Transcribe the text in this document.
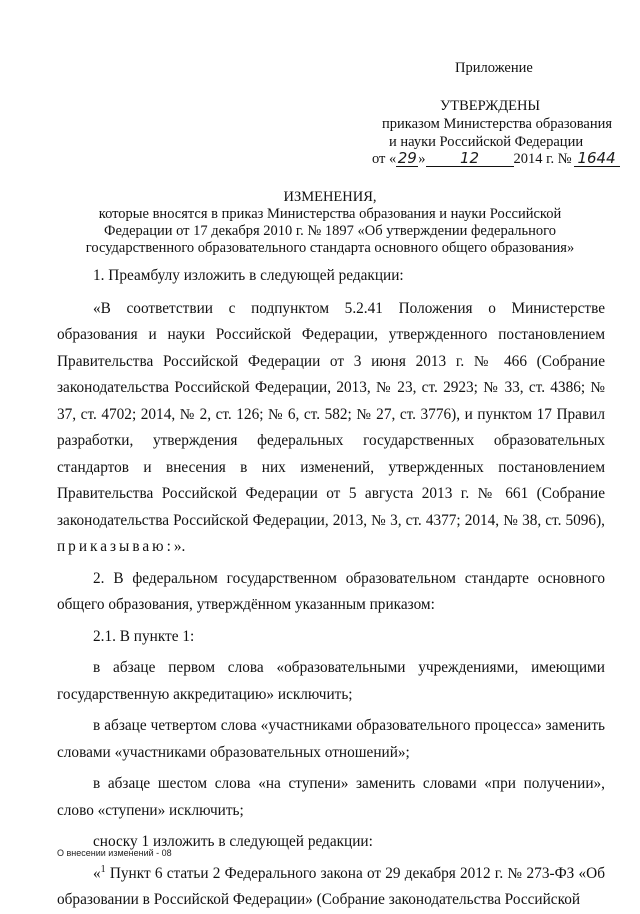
Приложение
УТВЕРЖДЕНЫ
приказом Министерства образования
и науки Российской Федерации
от «29» 12 2014 г. № 1644
ИЗМЕНЕНИЯ,
которые вносятся в приказ Министерства образования и науки Российской
Федерации от 17 декабря 2010 г. № 1897 «Об утверждении федерального
государственного образовательного стандарта основного общего образования»

1. Преамбулу изложить в следующей редакции:

«В соответствии с подпунктом 5.2.41 Положения о Министерстве образования и науки Российской Федерации, утвержденного постановлением Правительства Российской Федерации от 3 июня 2013 г. № 466 (Собрание законодательства Российской Федерации, 2013, № 23, ст. 2923; № 33, ст. 4386; № 37, ст. 4702; 2014, № 2, ст. 126; № 6, ст. 582; № 27, ст. 3776), и пунктом 17 Правил разработки, утверждения федеральных государственных образовательных стандартов и внесения в них изменений, утвержденных постановлением Правительства Российской Федерации от 5 августа 2013 г. № 661 (Собрание законодательства Российской Федерации, 2013, № 3, ст. 4377; 2014, № 38, ст. 5096), приказываю:».

2. В федеральном государственном образовательном стандарте основного общего образования, утверждённом указанным приказом:

2.1. В пункте 1:

в абзаце первом слова «образовательными учреждениями, имеющими государственную аккредитацию» исключить;

в абзаце четвертом слова «участниками образовательного процесса» заменить словами «участниками образовательных отношений»;

в абзаце шестом слова «на ступени» заменить словами «при получении», слово «ступени» исключить;

сноску 1 изложить в следующей редакции:

«$^1$ Пункт 6 статьи 2 Федерального закона от 29 декабря 2012 г. № 273-ФЗ «Об образовании в Российской Федерации» (Собрание законодательства Российской

О внесении изменений - 08
